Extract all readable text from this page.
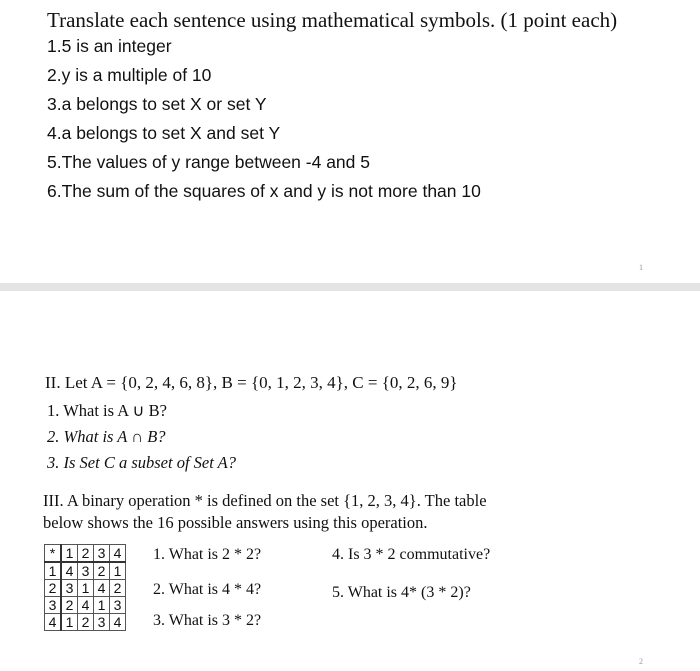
Translate each sentence using mathematical symbols. (1 point each)
1.5 is an integer
2.y is a multiple of 10
3.a belongs to set X or set Y
4.a belongs to set X and set Y
5.The values of y range between -4 and 5
6.The sum of the squares of x and y is not more than 10
1
II. Let A = {0, 2, 4, 6, 8}, B = {0, 1, 2, 3, 4}, C = {0, 2, 6, 9}
1. What is A ∪ B?
2. What is A ∩ B?
3. Is Set C a subset of Set A?
III. A binary operation * is defined on the set {1, 2, 3, 4}. The table
below shows the 16 possible answers using this operation.
*	1	2	3	4
1	4	3	2	1
2	3	1	4	2
3	2	4	1	3
4	1	2	3	4
1. What is 2 * 2?
2. What is 4 * 4?
3. What is 3 * 2?
4. Is 3 * 2 commutative?
5. What is 4* (3 * 2)?
2
